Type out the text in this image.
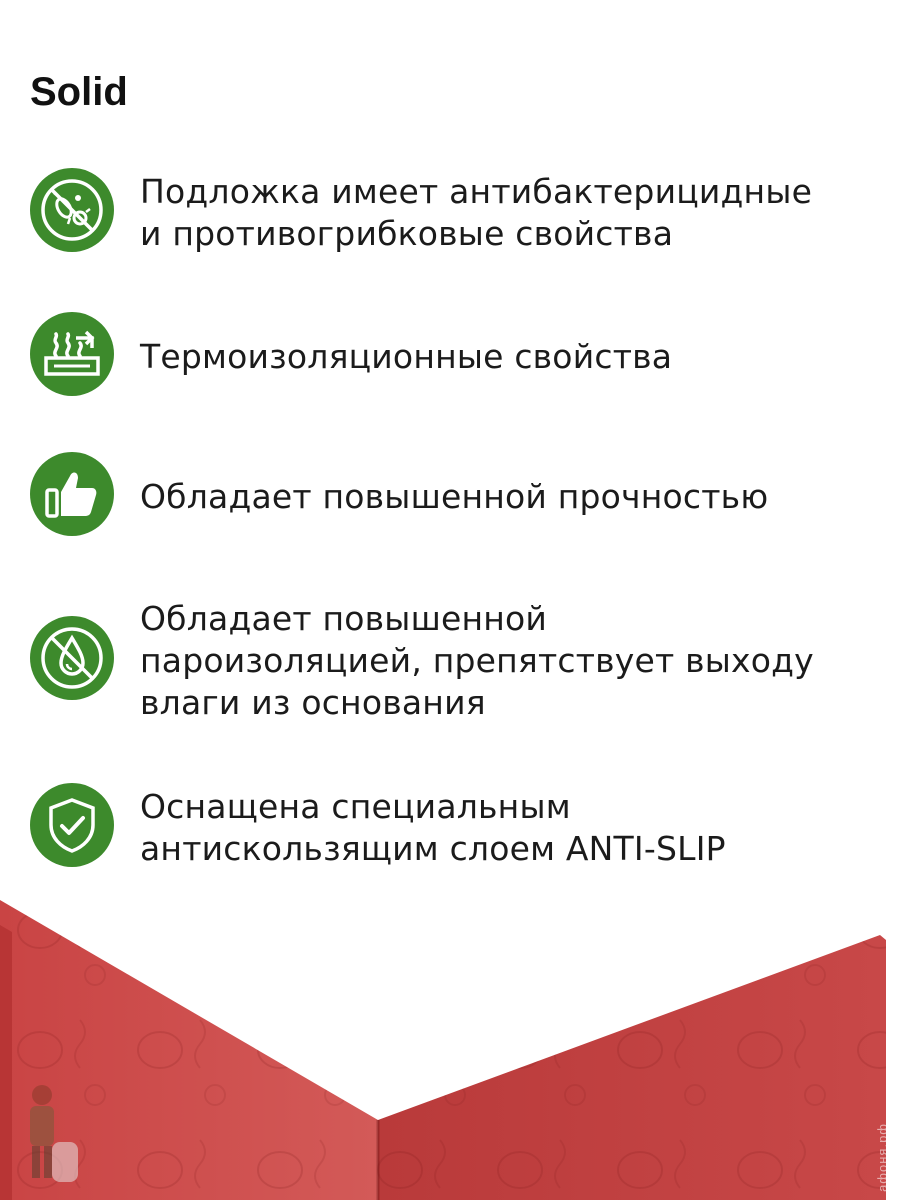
Solid
Подложка имеет антибактерицидные
и противогрибковые свойства
Термоизоляционные свойства
Обладает повышенной прочностью
Обладает повышенной
пароизоляцией, препятствует выходу
влаги из основания
Оснащена специальным
антискользящим слоем ANTI-SLIP
афоня.рф
